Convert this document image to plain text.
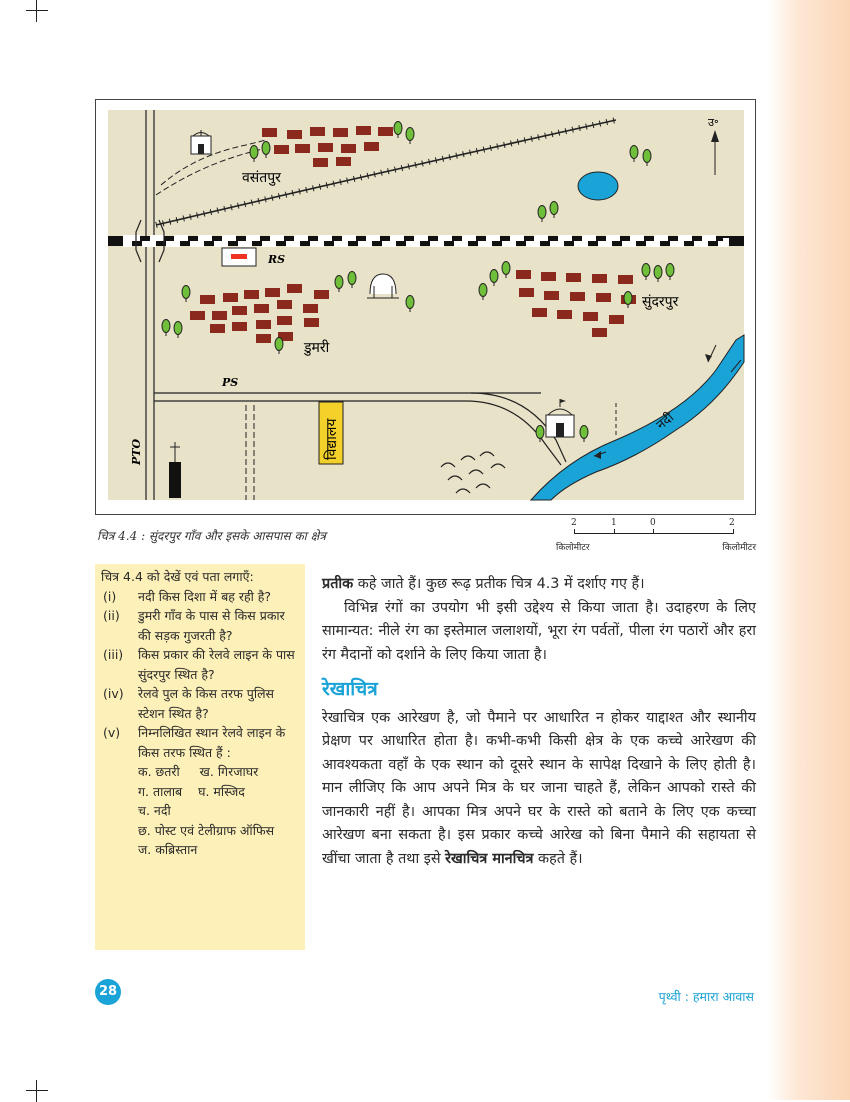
उ॰
RS
नदी
PTO
PS
विद्यालय
वसंतपुर
डुमरी
सुंदरपुर
चित्र 4.4 : सुंदरपुर गाँव और इसके आसपास का क्षेत्र
2	1	0	2
किलोमीटर	किलोमीटर
चित्र 4.4 को देखें एवं पता लगाएँ:
(i) नदी किस दिशा में बह रही है?
(ii) डुमरी गाँव के पास से किस प्रकार की सड़क गुजरती है?
(iii) किस प्रकार की रेलवे लाइन के पास सुंदरपुर स्थित है?
(iv) रेलवे पुल के किस तरफ पुलिस स्टेशन स्थित है?
(v) निम्नलिखित स्थान रेलवे लाइन के किस तरफ स्थित हैं :
क. छतरी     ख. गिरजाघर
ग. तालाब    घ. मस्जिद
च. नदी
छ. पोस्ट एवं टेलीग्राफ ऑफिस
ज. कब्रिस्तान

प्रतीक कहे जाते हैं। कुछ रूढ़ प्रतीक चित्र 4.3 में दर्शाए गए हैं।

विभिन्न रंगों का उपयोग भी इसी उद्देश्य से किया जाता है। उदाहरण के लिए सामान्यत: नीले रंग का इस्तेमाल जलाशयों, भूरा रंग पर्वतों, पीला रंग पठारों और हरा रंग मैदानों को दर्शाने के लिए किया जाता है।

रेखाचित्र

रेखाचित्र एक आरेखण है, जो पैमाने पर आधारित न होकर याद्दाश्त और स्थानीय प्रेक्षण पर आधारित होता है। कभी-कभी किसी क्षेत्र के एक कच्चे आरेखण की आवश्यकता वहाँ के एक स्थान को दूसरे स्थान के सापेक्ष दिखाने के लिए होती है। मान लीजिए कि आप अपने मित्र के घर जाना चाहते हैं, लेकिन आपको रास्ते की जानकारी नहीं है। आपका मित्र अपने घर के रास्ते को बताने के लिए एक कच्चा आरेखण बना सकता है। इस प्रकार कच्चे आरेख को बिना पैमाने की सहायता से खींचा जाता है तथा इसे रेखाचित्र मानचित्र कहते हैं।

28	पृथ्वी : हमारा आवास
